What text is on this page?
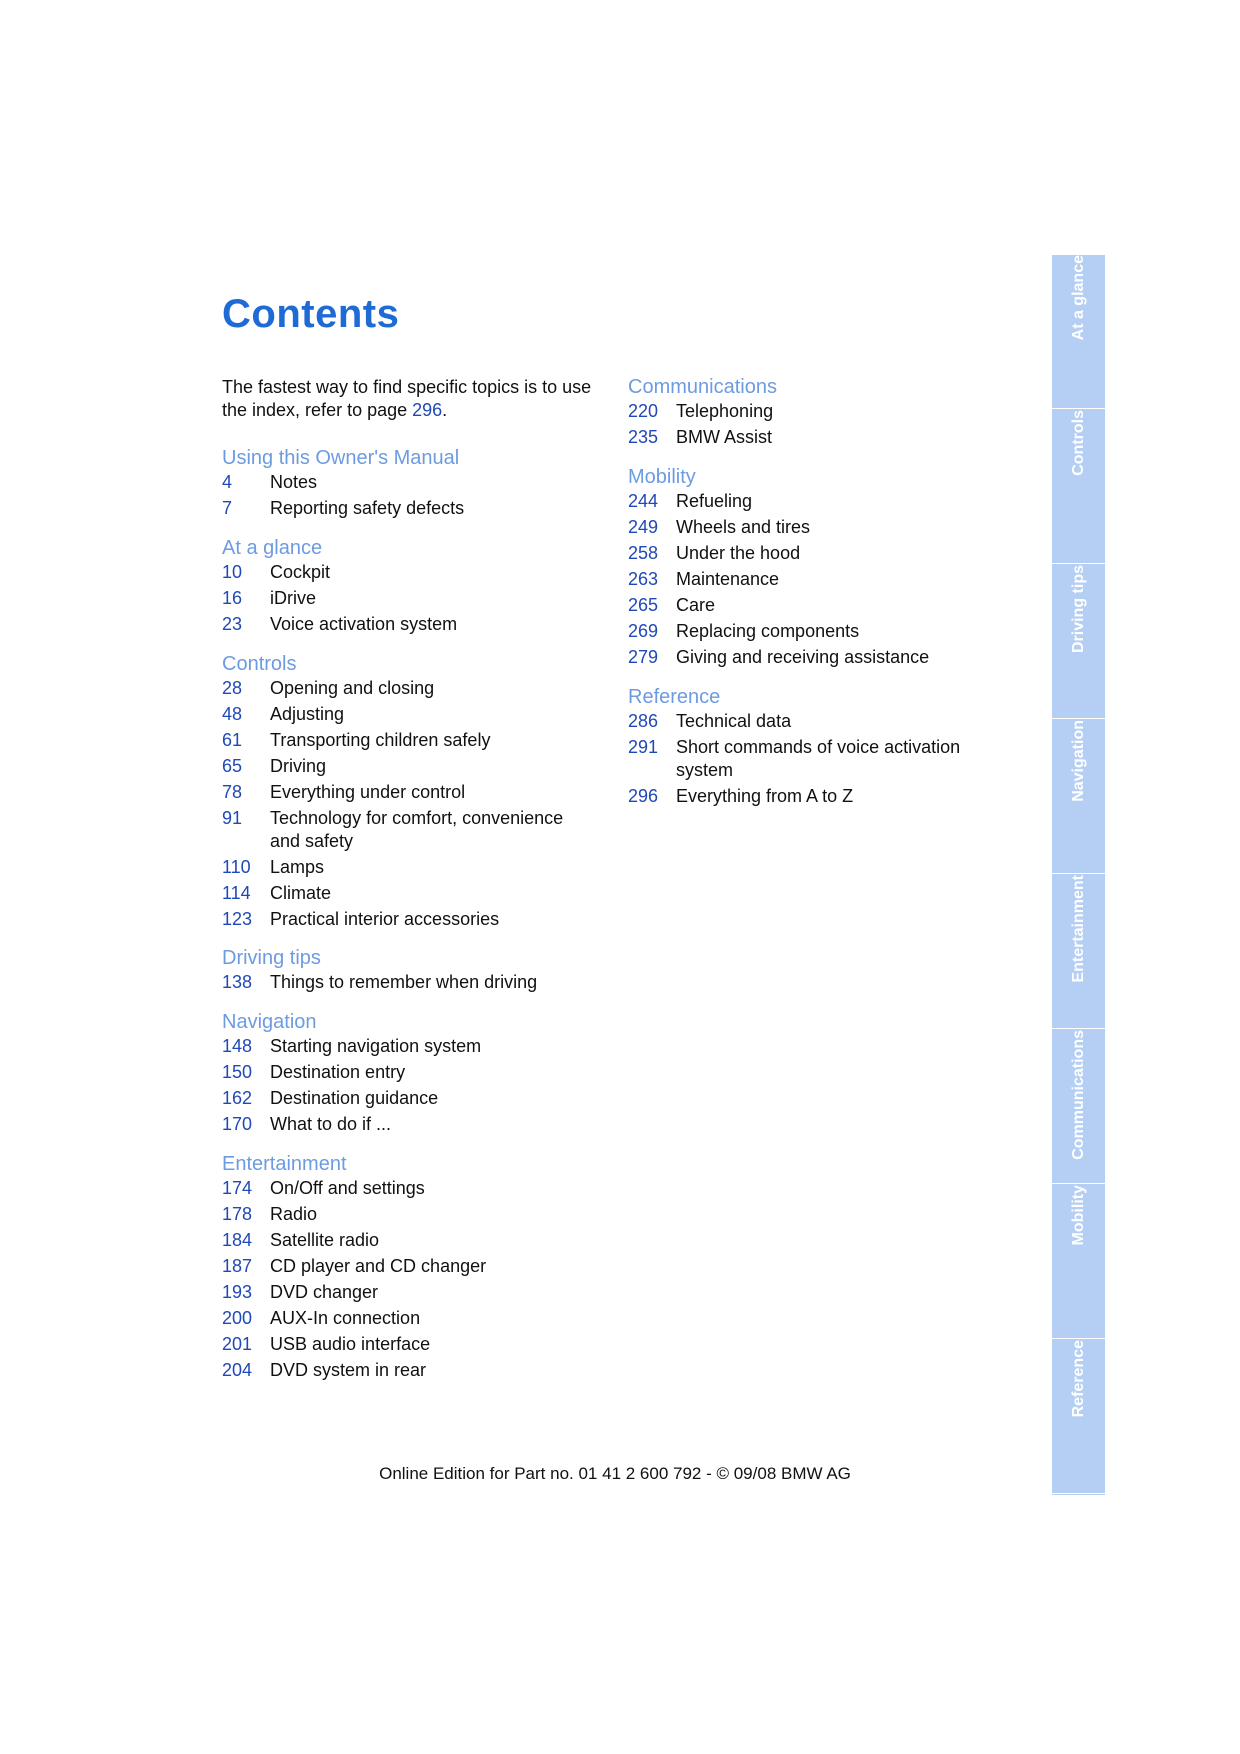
Contents

The fastest way to find specific topics is to use the index, refer to page 296.

Using this Owner's Manual
4	Notes
7	Reporting safety defects
At a glance
10	Cockpit
16	iDrive
23	Voice activation system
Controls
28	Opening and closing
48	Adjusting
61	Transporting children safely
65	Driving
78	Everything under control
91	Technology for comfort, convenience and safety
110	Lamps
114	Climate
123 Practical interior accessories
Driving tips
138 Things to remember when driving
Navigation
148 Starting navigation system
150 Destination entry
162 Destination guidance
170 What to do if ...
Entertainment
174 On/Off and settings
178 Radio
184 Satellite radio
187 CD player and CD changer
193 DVD changer
200 AUX-In connection
201 USB audio interface
204 DVD system in rear
Communications
220 Telephoning
235 BMW Assist
Mobility
244 Refueling
249 Wheels and tires
258 Under the hood
263 Maintenance
265 Care
269 Replacing components
279 Giving and receiving assistance
Reference
286 Technical data
291 Short commands of voice activation system
296 Everything from A to Z
At a glance
Controls
Driving tips
Navigation
Entertainment
Communications
Mobility
Reference

Online Edition for Part no. 01 41 2 600 792 - © 09/08 BMW AG
